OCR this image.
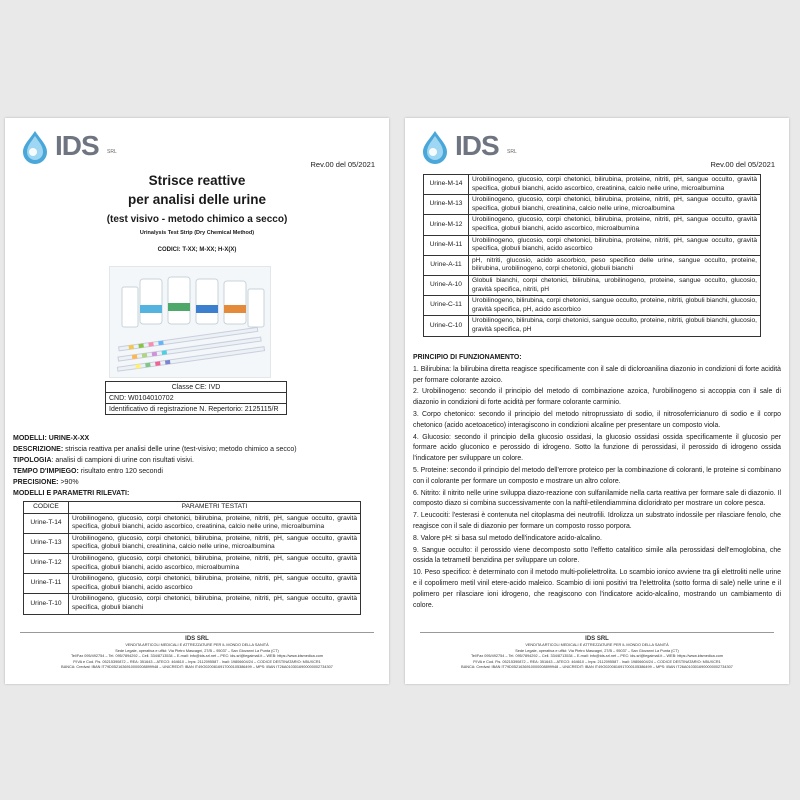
IDS SRL
Rev.00 del 05/2021
Strisce reattive
per analisi delle urine
(test visivo - metodo chimico a secco)
Urinalysis Test Strip (Dry Chemical Method)
CODICI: T-XX; M-XX; H-X(X)
Classe CE: IVD
CND: W0104010702
Identificativo di registrazione N. Repertorio: 2125115/R
MODELLI: URINE-X-XX
DESCRIZIONE: striscia reattiva per analisi delle urine (test-visivo; metodo chimico a secco)
TIPOLOGIA: analisi di campioni di urine con risultati visivi.
TEMPO D'IMPIEGO: risultato entro 120 secondi
PRECISIONE: >90%
MODELLI E PARAMETRI RILEVATI:
CODICE	PARAMETRI TESTATI
Urine-T-14	Urobilinogeno, glucosio, corpi chetonici, bilirubina, proteine, nitriti, pH, sangue occulto, gravità specifica, globuli bianchi, acido ascorbico, creatinina, calcio nelle urine, microalbumina
Urine-T-13	Urobilinogeno, glucosio, corpi chetonici, bilirubina, proteine, nitriti, pH, sangue occulto, gravità specifica, globuli bianchi, creatinina, calcio nelle urine, microalbumina
Urine-T-12	Urobilinogeno, glucosio, corpi chetonici, bilirubina, proteine, nitriti, pH, sangue occulto, gravità specifica, globuli bianchi, acido ascorbico, microalbumina
Urine-T-11	Urobilinogeno, glucosio, corpi chetonici, bilirubina, proteine, nitriti, pH, sangue occulto, gravità specifica, globuli bianchi, acido ascorbico
Urine-T-10	Urobilinogeno, glucosio, corpi chetonici, bilirubina, proteine, nitriti, pH, sangue occulto, gravità specifica, globuli bianchi
IDS SRL
VENDITA ARTICOLI MEDICALI E ATTREZZATURE PER IL MONDO DELLA SANITÀ
Sede Legale, operativa e uffici: Via Pietro Mascagni, 27/B – 95037 – San Giovanni La Punta (CT)
Tel/Fax 095/492754 – Tel. 095/7894292 – Cell. 334/8713534 – E-mail: info@ids-srl.net – PEC: ids-srl@legalmail.it – WEB: https://www.idsmedica.com
P.IVA e Cod. Fis. 05215390872 – REA: 351643 – ATECO: 464610 – Inps: 2112095587 - Inail: 19806604/24 – CODICE DESTINATARIO: M5UXCR1
BANCA: Credval: IBAN IT79D0521636910000008899948 – UNICREDIT: IBAN IT49O0200816917000105386499 – MPS: IBAN IT26A0103016900000002734307
IDS SRL
Rev.00 del 05/2021
Urine-M-14	Urobilinogeno, glucosio, corpi chetonici, bilirubina, proteine, nitriti, pH, sangue occulto, gravità specifica, globuli bianchi, acido ascorbico, creatinina, calcio nelle urine, microalbumina
Urine-M-13	Urobilinogeno, glucosio, corpi chetonici, bilirubina, proteine, nitriti, pH, sangue occulto, gravità specifica, globuli bianchi, creatinina, calcio nelle urine, microalbumina
Urine-M-12	Urobilinogeno, glucosio, corpi chetonici, bilirubina, proteine, nitriti, pH, sangue occulto, gravità specifica, globuli bianchi, acido ascorbico, microalbumina
Urine-M-11	Urobilinogeno, glucosio, corpi chetonici, bilirubina, proteine, nitriti, pH, sangue occulto, gravità specifica, globuli bianchi, acido ascorbico
Urine-A-11	pH, nitriti, glucosio, acido ascorbico, peso specifico delle urine, sangue occulto, proteine, bilirubina, urobilinogeno, corpi chetonici, globuli bianchi
Urine-A-10	Globuli bianchi, corpi chetonici, bilirubina, urobilinogeno, proteine, sangue occulto, glucosio, gravità specifica, nitriti, pH
Urine-C-11	Urobilinogeno, bilirubina, corpi chetonici, sangue occulto, proteine, nitriti, globuli bianchi, glucosio, gravità specifica, pH, acido ascorbico
Urine-C-10	Urobilinogeno, bilirubina, corpi chetonici, sangue occulto, proteine, nitriti, globuli bianchi, glucosio, gravità specifica, pH
PRINCIPIO DI FUNZIONAMENTO:

1. Bilirubina: la bilirubina diretta reagisce specificamente con il sale di dicloroanilina diazonio in condizioni di forte acidità per formare colorante azoico.

2. Urobilinogeno: secondo il principio del metodo di combinazione azoica, l'urobilinogeno si accoppia con il sale di diazonio in condizioni di forte acidità per formare colorante carminio.

3. Corpo chetonico: secondo il principio del metodo nitroprussiato di sodio, il nitrosoferricianuro di sodio e il corpo chetonico (acido acetoacetico) interagiscono in condizioni alcaline per presentare un composto viola.

4. Glucosio: secondo il principio della glucosio ossidasi, la glucosio ossidasi ossida specificamente il glucosio per formare acido gluconico e perossido di idrogeno. Sotto la funzione di perossidasi, il perossido di idrogeno ossida l'indicatore per sviluppare un colore.

5. Proteine: secondo il principio del metodo dell'errore proteico per la combinazione di coloranti, le proteine si combinano con il colorante per formare un composto e mostrare un altro colore.

6. Nitrito: il nitrito nelle urine sviluppa diazo-reazione con sulfanilamide nella carta reattiva per formare sale di diazonio. Il composto diazo si combina successivamente con la naftil-etilendiammina dicloridrato per mostrare un colore pesca.

7. Leucociti: l'esterasi è contenuta nel citoplasma dei neutrofili. Idrolizza un substrato indossile per rilasciare fenolo, che reagisce con il sale di diazonio per formare un composto rosso porpora.

8. Valore pH: si basa sul metodo dell'indicatore acido-alcalino.

9. Sangue occulto: il perossido viene decomposto sotto l'effetto catalitico simile alla perossidasi dell'emoglobina, che ossida la tetrametil benzidina per sviluppare un colore.

10. Peso specifico: è determinato con il metodo multi-polielettrolita. Lo scambio ionico avviene tra gli elettroliti nelle urine e il copolimero metil vinil etere-acido maleico. Scambio di ioni positivi tra l'elettrolita (sotto forma di sale) nelle urine e il polimero per rilasciare ioni idrogeno, che reagiscono con l'indicatore acido-alcalino, mostrando un cambiamento di colore.

IDS SRL
VENDITA ARTICOLI MEDICALI E ATTREZZATURE PER IL MONDO DELLA SANITÀ
Sede Legale, operativa e uffici: Via Pietro Mascagni, 27/B – 95037 – San Giovanni La Punta (CT)
Tel/Fax 095/492754 – Tel. 095/7894292 – Cell. 334/8713534 – E-mail: info@ids-srl.net – PEC: ids-srl@legalmail.it – WEB: https://www.idsmedica.com
P.IVA e Cod. Fis. 05215390872 – REA: 351643 – ATECO: 464610 – Inps: 2112095587 - Inail: 19806604/24 – CODICE DESTINATARIO: M5UXCR1
BANCA: Credval: IBAN IT79D0521636910000008899948 – UNICREDIT: IBAN IT49O0200816917000105386499 – MPS: IBAN IT26A0103016900000002734307
